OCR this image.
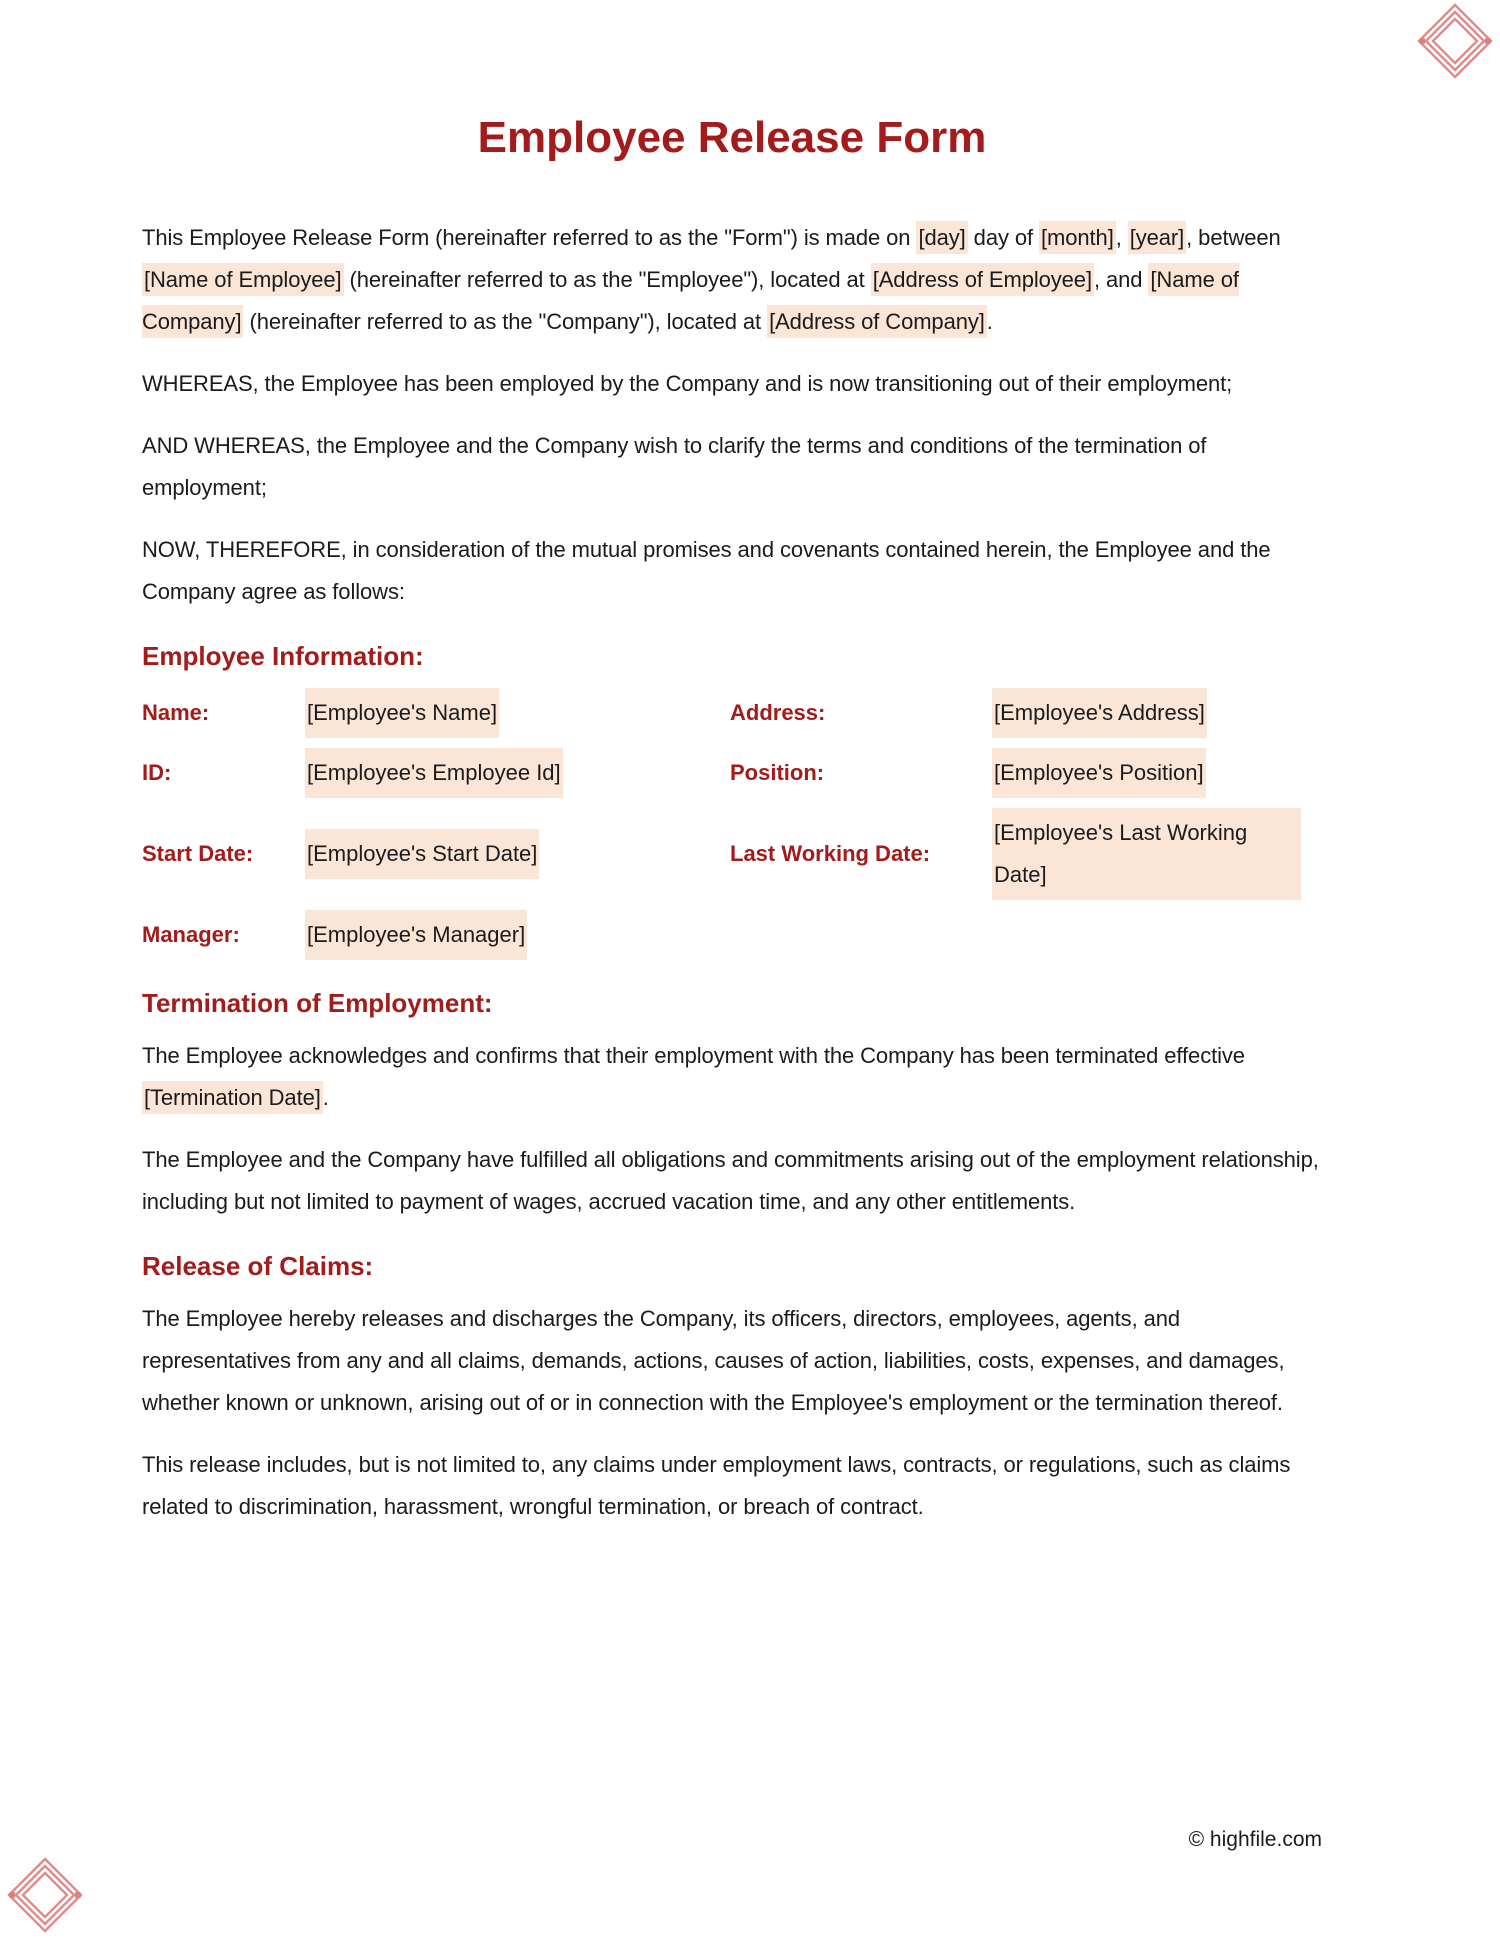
Employee Release Form

This Employee Release Form (hereinafter referred to as the "Form") is made on [day] day of [month], [year], between [Name of Employee] (hereinafter referred to as the "Employee"), located at [Address of Employee], and [Name of Company] (hereinafter referred to as the "Company"), located at [Address of Company].

WHEREAS, the Employee has been employed by the Company and is now transitioning out of their employment;

AND WHEREAS, the Employee and the Company wish to clarify the terms and conditions of the termination of employment;

NOW, THEREFORE, in consideration of the mutual promises and covenants contained herein, the Employee and the Company agree as follows:

Employee Information:
Name:	[Employee's Name]	Address:	[Employee's Address]
ID:	[Employee's Employee Id]	Position:	[Employee's Position]
Start Date:	[Employee's Start Date]	Last Working Date:
[Employee's Last Working Date]
Manager:	[Employee's Manager]
Termination of Employment:

The Employee acknowledges and confirms that their employment with the Company has been terminated effective [Termination Date].

The Employee and the Company have fulfilled all obligations and commitments arising out of the employment relationship, including but not limited to payment of wages, accrued vacation time, and any other entitlements.

Release of Claims:

The Employee hereby releases and discharges the Company, its officers, directors, employees, agents, and representatives from any and all claims, demands, actions, causes of action, liabilities, costs, expenses, and damages, whether known or unknown, arising out of or in connection with the Employee's employment or the termination thereof.

This release includes, but is not limited to, any claims under employment laws, contracts, or regulations, such as claims related to discrimination, harassment, wrongful termination, or breach of contract.

© highfile.com
